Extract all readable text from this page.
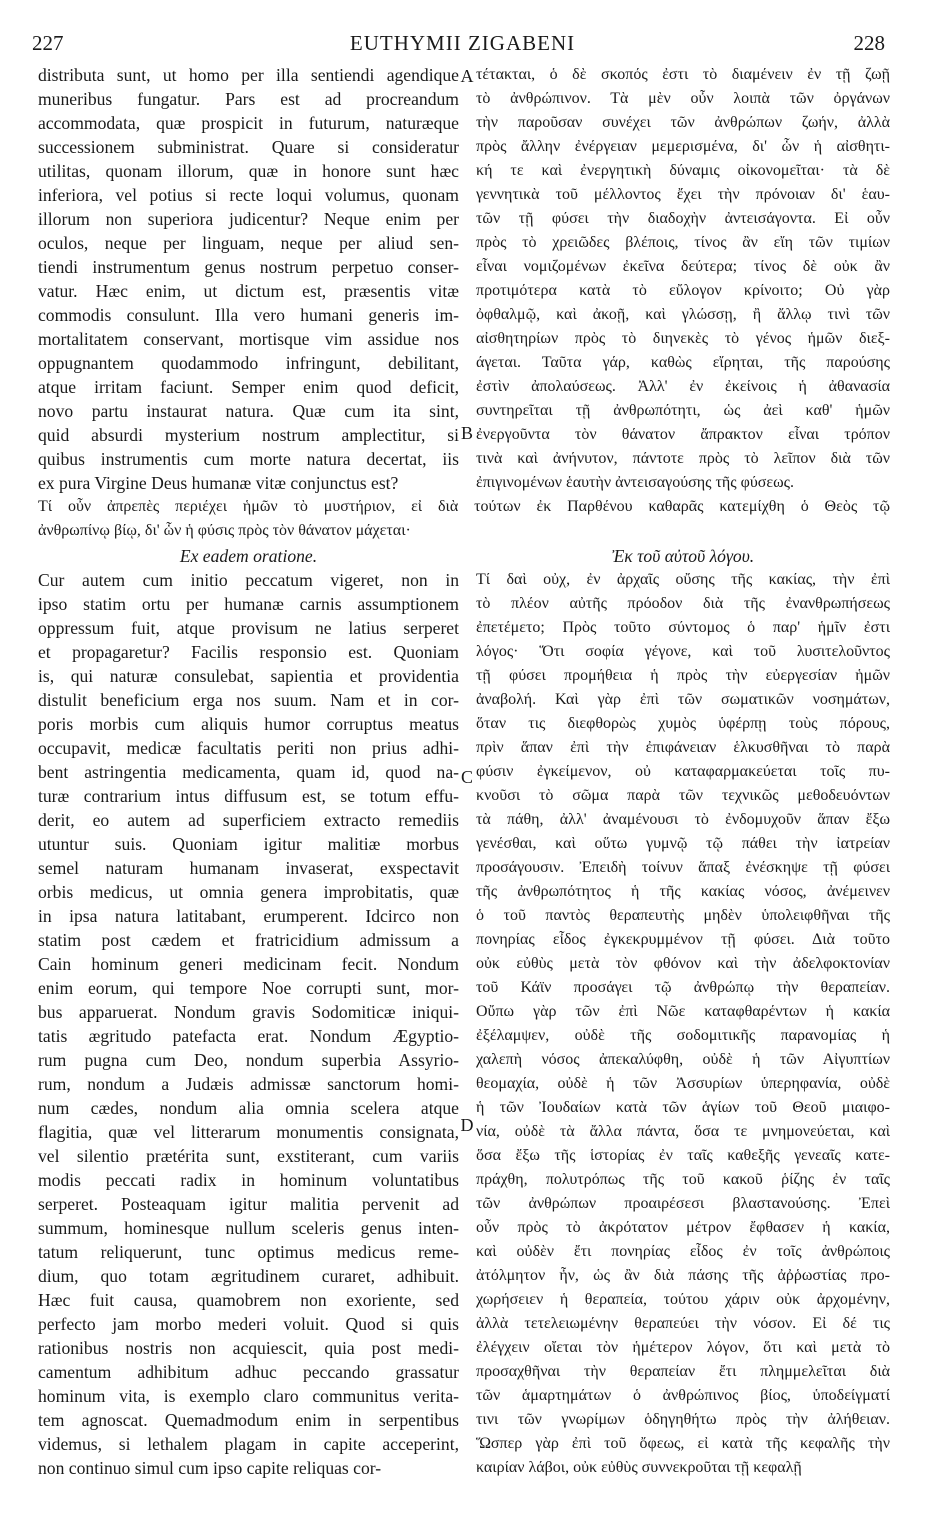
EUTHYMII ZIGABENI
227	228
distributa sunt, ut homo per illa sentiendi agendique
muneribus fungatur. Pars est ad procreandum
accommodata, quæ prospicit in futurum, naturæque
successionem subministrat. Quare si consideratur
utilitas, quonam illorum, quæ in honore sunt hæc
inferiora, vel potius si recte loqui volumus, quonam
illorum non superiora judicentur? Neque enim per
oculos, neque per linguam, neque per aliud sen-
tiendi instrumentum genus nostrum perpetuo conser-
vatur. Hæc enim, ut dictum est, præsentis vitæ
commodis consulunt. Illa vero humani generis im-
mortalitatem conservant, mortisque vim assidue nos
oppugnantem quodammodo infringunt, debilitant,
atque irritam faciunt. Semper enim quod deficit,
novo partu instaurat natura. Quæ cum ita sint,
quid absurdi mysterium nostrum amplectitur, si
quibus instrumentis cum morte natura decertat, iis
ex pura Virgine Deus humanæ vitæ conjunctus est?
τέτακται, ὁ δὲ σκοπός ἐστι τὸ διαμένειν ἐν τῇ ζωῇ
τὸ ἀνθρώπινον. Τὰ μὲν οὖν λοιπὰ τῶν ὀργάνων
τὴν παροῦσαν συνέχει τῶν ἀνθρώπων ζωήν, ἀλλὰ
πρὸς ἄλλην ἐνέργειαν μεμερισμένα, δι' ὧν ἡ αἰσθητι-
κή τε καὶ ἐνεργητικὴ δύναμις οἰκονομεῖται· τὰ δὲ
γεννητικὰ τοῦ μέλλοντος ἔχει τὴν πρόνοιαν δι' ἑαυ-
τῶν τῇ φύσει τὴν διαδοχὴν ἀντεισάγοντα. Εἰ οὖν
πρὸς τὸ χρειῶδες βλέποις, τίνος ἂν εἴη τῶν τιμίων
εἶναι νομιζομένων ἐκεῖνα δεύτερα; τίνος δὲ οὐκ ἂν
προτιμότερα κατὰ τὸ εὔλογον κρίνοιτο; Οὐ γὰρ
ὀφθαλμῷ, καὶ ἀκοῇ, καὶ γλώσσῃ, ἢ ἄλλῳ τινὶ τῶν
αἰσθητηρίων πρὸς τὸ διηνεκὲς τὸ γένος ἡμῶν διεξ-
άγεται. Ταῦτα γάρ, καθὼς εἴρηται, τῆς παρούσης
ἐστὶν ἀπολαύσεως. Ἀλλ' ἐν ἐκείνοις ἡ ἀθανασία
συντηρεῖται τῇ ἀνθρωπότητι, ὡς ἀεὶ καθ' ἡμῶν
ἐνεργοῦντα τὸν θάνατον ἄπρακτον εἶναι τρόπον
τινὰ καὶ ἀνήνυτον, πάντοτε πρὸς τὸ λεῖπον διὰ τῶν
ἐπιγινομένων ἑαυτὴν ἀντεισαγούσης τῆς φύσεως.
A
B
C
D
Τί οὖν ἀπρεπὲς περιέχει ἡμῶν τὸ μυστήριον, εἰ διὰ τούτων ἐκ Παρθένου καθαρᾶς κατεμίχθη ὁ Θεὸς τῷ
ἀνθρωπίνῳ βίῳ, δι' ὧν ἡ φύσις πρὸς τὸν θάνατον μάχεται·
Ex eadem oratione.	Ἐκ τοῦ αὐτοῦ λόγου.
Cur autem cum initio peccatum vigeret, non in
ipso statim ortu per humanæ carnis assumptionem
oppressum fuit, atque provisum ne latius serperet
et propagaretur? Facilis responsio est. Quoniam
is, qui naturæ consulebat, sapientia et providentia
distulit beneficium erga nos suum. Nam et in cor-
poris morbis cum aliquis humor corruptus meatus
occupavit, medicæ facultatis periti non prius adhi-
bent astringentia medicamenta, quam id, quod na-
turæ contrarium intus diffusum est, se totum effu-
derit, eo autem ad superficiem extracto remediis
utuntur suis. Quoniam igitur malitiæ morbus
semel naturam humanam invaserat, exspectavit
orbis medicus, ut omnia genera improbitatis, quæ
in ipsa natura latitabant, erumperent. Idcirco non
statim post cædem et fratricidium admissum a
Cain hominum generi medicinam fecit. Nondum
enim eorum, qui tempore Noe corrupti sunt, mor-
bus apparuerat. Nondum gravis Sodomiticæ iniqui-
tatis ægritudo patefacta erat. Nondum Ægyptio-
rum pugna cum Deo, nondum superbia Assyrio-
rum, nondum a Judæis admissæ sanctorum homi-
num cædes, nondum alia omnia scelera atque
flagitia, quæ vel litterarum monumentis consignata,
vel silentio prætérita sunt, exstiterant, cum variis
modis peccati radix in hominum voluntatibus
serperet. Posteaquam igitur malitia pervenit ad
summum, hominesque nullum sceleris genus inten-
tatum reliquerunt, tunc optimus medicus reme-
dium, quo totam ægritudinem curaret, adhibuit.
Hæc fuit causa, quamobrem non exoriente, sed
perfecto jam morbo mederi voluit. Quod si quis
rationibus nostris non acquiescit, quia post medi-
camentum adhibitum adhuc peccando grassatur
hominum vita, is exemplo claro communitus veritа-
tem agnoscat. Quemadmodum enim in serpentibus
videmus, si lethalem plagam in capite acceperint,
non continuo simul cum ipso capite reliquas cor-
Τί δαὶ οὐχ, ἐν ἀρχαῖς οὔσης τῆς κακίας, τὴν ἐπὶ
τὸ πλέον αὐτῆς πρόοδον διὰ τῆς ἐνανθρωπήσεως
ἐπετέμετο; Πρὸς τοῦτο σύντομος ὁ παρ' ἡμῖν ἐστι
λόγος· Ὅτι σοφία γέγονε, καὶ τοῦ λυσιτελοῦντος
τῇ φύσει προμήθεια ἡ πρὸς τὴν εὐεργεσίαν ἡμῶν
ἀναβολή. Καὶ γὰρ ἐπὶ τῶν σωματικῶν νοσημάτων,
ὅταν τις διεφθορὼς χυμὸς ὑφέρπῃ τοὺς πόρους,
πρὶν ἅπαν ἐπὶ τὴν ἐπιφάνειαν ἑλκυσθῆναι τὸ παρὰ
φύσιν ἐγκείμενον, οὐ καταφαρμακεύεται τοῖς πυ-
κνοῦσι τὸ σῶμα παρὰ τῶν τεχνικῶς μεθοδευόντων
τὰ πάθη, ἀλλ' ἀναμένουσι τὸ ἐνδομυχοῦν ἅπαν ἔξω
γενέσθαι, καὶ οὕτω γυμνῷ τῷ πάθει τὴν ἰατρείαν
προσάγουσιν. Ἐπειδὴ τοίνυν ἅπαξ ἐνέσκηψε τῇ φύσει
τῆς ἀνθρωπότητος ἡ τῆς κακίας νόσος, ἀνέμεινεν
ὁ τοῦ παντὸς θεραπευτὴς μηδὲν ὑπολειφθῆναι τῆς
πονηρίας εἶδος ἐγκεκρυμμένον τῇ φύσει. Διὰ τοῦτο
οὐκ εὐθὺς μετὰ τὸν φθόνον καὶ τὴν ἀδελφοκτονίαν
τοῦ Κάϊν προσάγει τῷ ἀνθρώπῳ τὴν θεραπείαν.
Οὔπω γὰρ τῶν ἐπὶ Νῶε καταφθαρέντων ἡ κακία
ἐξέλαμψεν, οὐδὲ τῆς σοδομιτικῆς παρανομίας ἡ
χαλεπὴ νόσος ἀπεκαλύφθη, οὐδὲ ἡ τῶν Αἰγυπτίων
θεομαχία, οὐδὲ ἡ τῶν Ἀσσυρίων ὑπερηφανία, οὐδὲ
ἡ τῶν Ἰουδαίων κατὰ τῶν ἁγίων τοῦ Θεοῦ μιαιφο-
νία, οὐδὲ τὰ ἄλλα πάντα, ὅσα τε μνημονεύεται, καὶ
ὅσα ἔξω τῆς ἱστορίας ἐν ταῖς καθεξῆς γενεαῖς κατε-
πράχθη, πολυτρόπως τῆς τοῦ κακοῦ ῥίζης ἐν ταῖς
τῶν ἀνθρώπων προαιρέσεσι βλαστανούσης. Ἐπεὶ
οὖν πρὸς τὸ ἀκρότατον μέτρον ἔφθασεν ἡ κακία,
καὶ οὐδὲν ἔτι πονηρίας εἶδος ἐν τοῖς ἀνθρώποις
ἀτόλμητον ἦν, ὡς ἂν διὰ πάσης τῆς ἀῤῥωστίας προ-
χωρήσειεν ἡ θεραπεία, τούτου χάριν οὐκ ἀρχομένην,
ἀλλὰ τετελειωμένην θεραπεύει τὴν νόσον. Εἰ δέ τις
ἐλέγχειν οἴεται τὸν ἡμέτερον λόγον, ὅτι καὶ μετὰ τὸ
προσαχθῆναι τὴν θεραπείαν ἔτι πλημμελεῖται διὰ
τῶν ἁμαρτημάτων ὁ ἀνθρώπινος βίος, ὑποδείγματί
τινι τῶν γνωρίμων ὁδηγηθήτω πρὸς τὴν ἀλήθειαν.
Ὥσπερ γὰρ ἐπὶ τοῦ ὄφεως, εἰ κατὰ τῆς κεφαλῆς τὴν
καιρίαν λάβοι, οὐκ εὐθὺς συννεκροῦται τῇ κεφαλῇ
